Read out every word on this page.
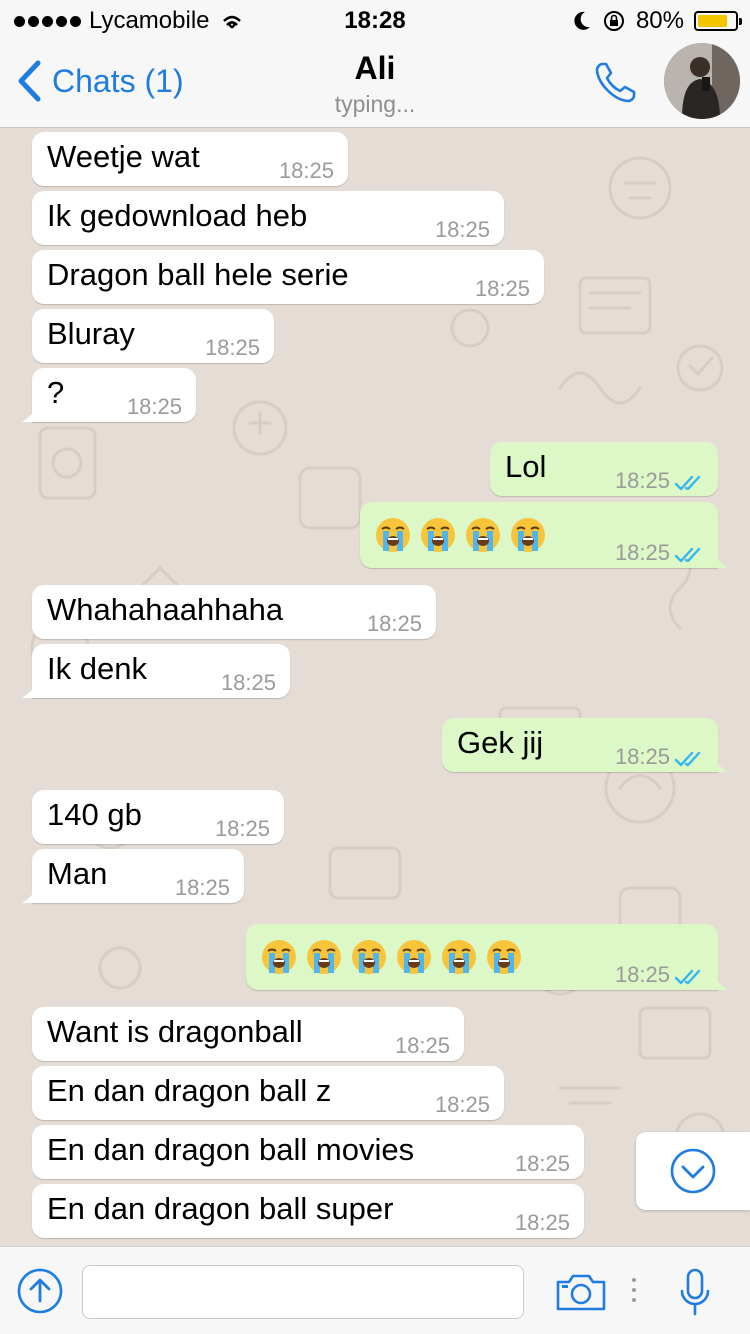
Lycamobile	18:28	80%
Chats (1)	Ali
typing...
Weetje wat	18:25
Ik gedownload heb	18:25
Dragon ball hele serie	18:25
Bluray	18:25
?	18:25
Lol	18:25
18:25
Whahahaahhaha	18:25
Ik denk	18:25
Gek jij	18:25
140 gb	18:25
Man	18:25
18:25
Want is dragonball	18:25
En dan dragon ball z	18:25
En dan dragon ball movies	18:25
En dan dragon ball super	18:25
